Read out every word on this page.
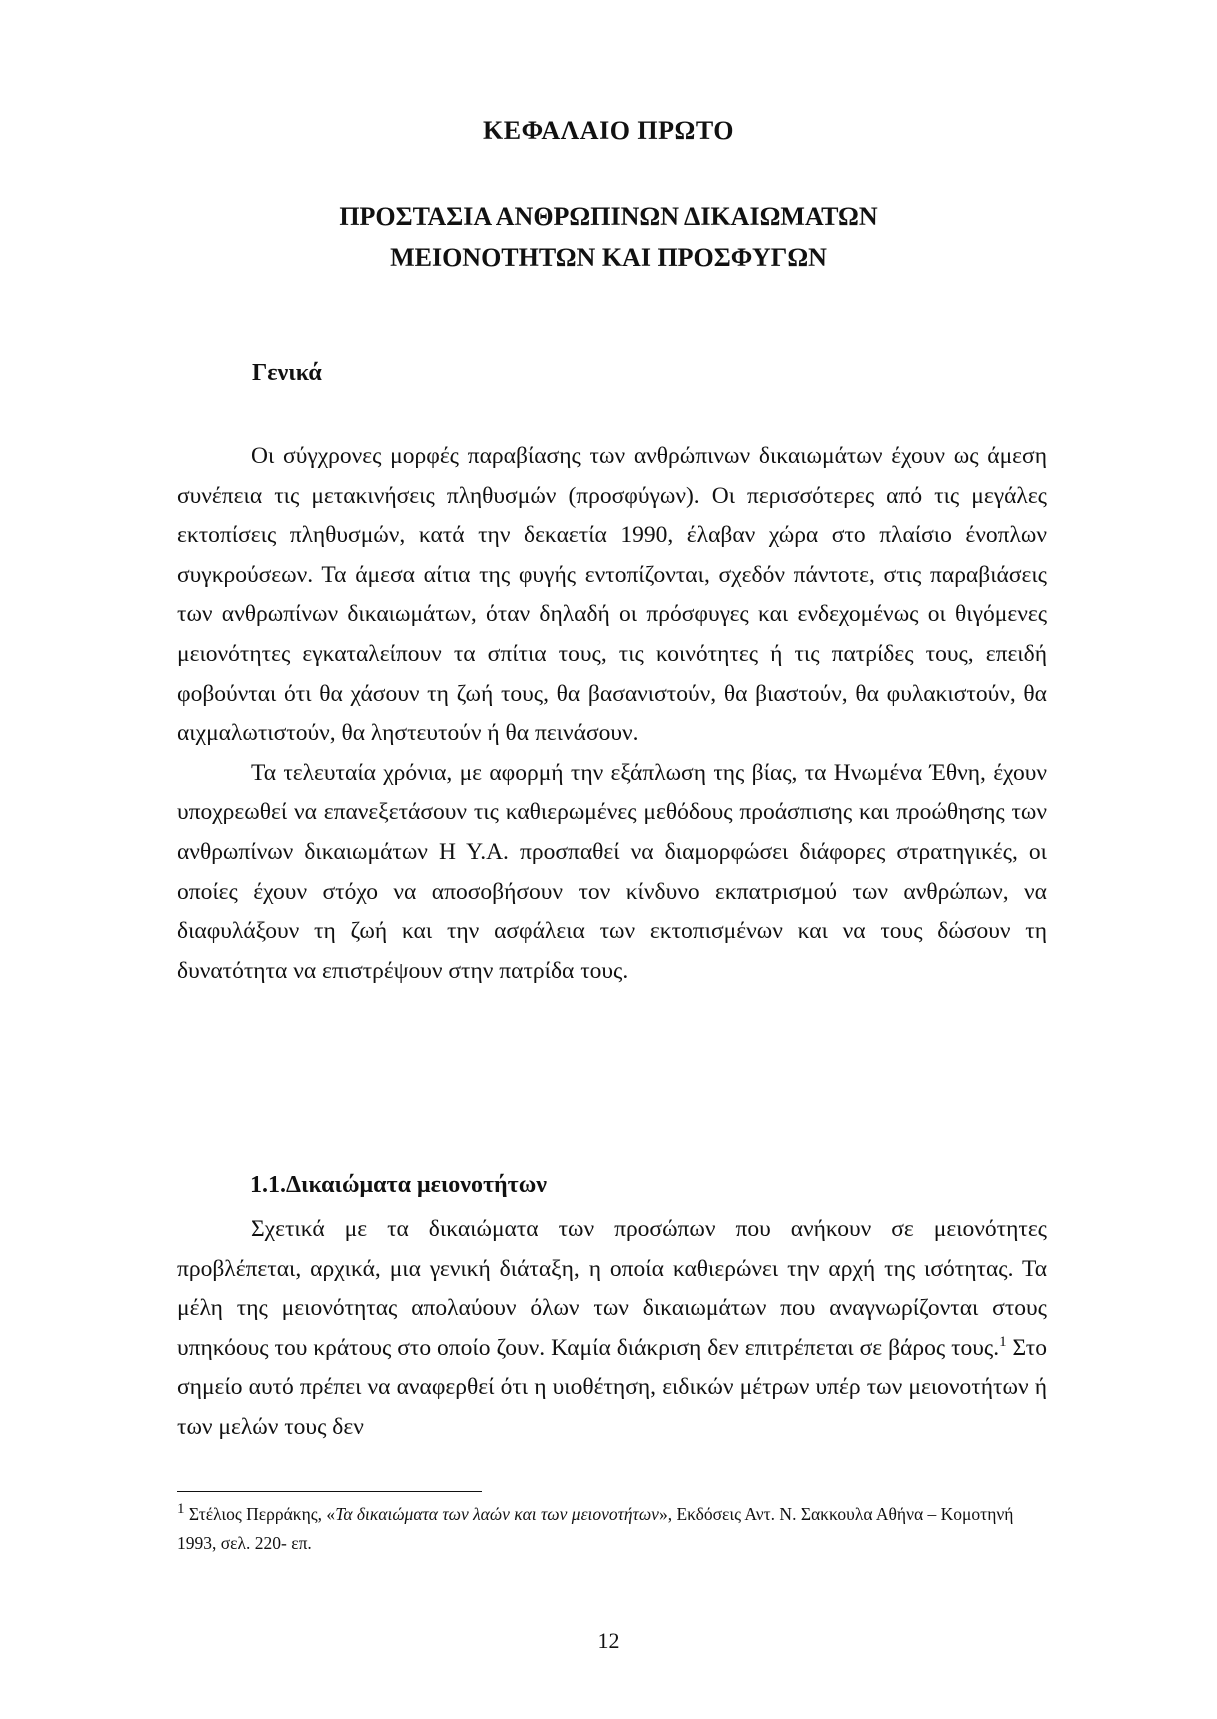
ΚΕΦΑΛΑΙΟ ΠΡΩΤΟ
ΠΡΟΣΤΑΣΙΑ ΑΝΘΡΩΠΙΝΩΝ ΔΙΚΑΙΩΜΑΤΩΝ
ΜΕΙΟΝΟΤΗΤΩΝ ΚΑΙ ΠΡΟΣΦΥΓΩΝ
Γενικά

Οι σύγχρονες μορφές παραβίασης των ανθρώπινων δικαιωμάτων έχουν ως άμεση συνέπεια τις μετακινήσεις πληθυσμών (προσφύγων). Οι περισσότερες από τις μεγάλες εκτοπίσεις πληθυσμών, κατά την δεκαετία 1990, έλαβαν χώρα στο πλαίσιο ένοπλων συγκρούσεων. Τα άμεσα αίτια της φυγής εντοπίζονται, σχεδόν πάντοτε, στις παραβιάσεις των ανθρωπίνων δικαιωμάτων, όταν δηλαδή οι πρόσφυγες και ενδεχομένως οι θιγόμενες μειονότητες εγκαταλείπουν τα σπίτια τους, τις κοινότητες ή τις πατρίδες τους, επειδή φοβούνται ότι θα χάσουν τη ζωή τους, θα βασανιστούν, θα βιαστούν, θα φυλακιστούν, θα αιχμαλωτιστούν, θα ληστευτούν ή θα πεινάσουν.

Τα τελευταία χρόνια, με αφορμή την εξάπλωση της βίας, τα Ηνωμένα Έθνη, έχουν υποχρεωθεί να επανεξετάσουν τις καθιερωμένες μεθόδους προάσπισης και προώθησης των ανθρωπίνων δικαιωμάτων Η Υ.Α. προσπαθεί να διαμορφώσει διάφορες στρατηγικές, οι οποίες έχουν στόχο να αποσοβήσουν τον κίνδυνο εκπατρισμού των ανθρώπων, να διαφυλάξουν τη ζωή και την ασφάλεια των εκτοπισμένων και να τους δώσουν τη δυνατότητα να επιστρέψουν στην πατρίδα τους.

1.1.Δικαιώματα μειονοτήτων

Σχετικά με τα δικαιώματα των προσώπων που ανήκουν σε μειονότητες προβλέπεται, αρχικά, μια γενική διάταξη, η οποία καθιερώνει την αρχή της ισότητας. Τα μέλη της μειονότητας απολαύουν όλων των δικαιωμάτων που αναγνωρίζονται στους υπηκόους του κράτους στο οποίο ζουν. Καμία διάκριση δεν επιτρέπεται σε βάρος τους.$^1$ Στο σημείο αυτό πρέπει να αναφερθεί ότι η υιοθέτηση, ειδικών μέτρων υπέρ των μειονοτήτων ή των μελών τους δεν

$^1$ Στέλιος Περράκης, «Τα δικαιώματα των λαών και των μειονοτήτων», Εκδόσεις Αντ. Ν. Σακκουλα Αθήνα – Κομοτηνή 1993, σελ. 220- επ.
12
